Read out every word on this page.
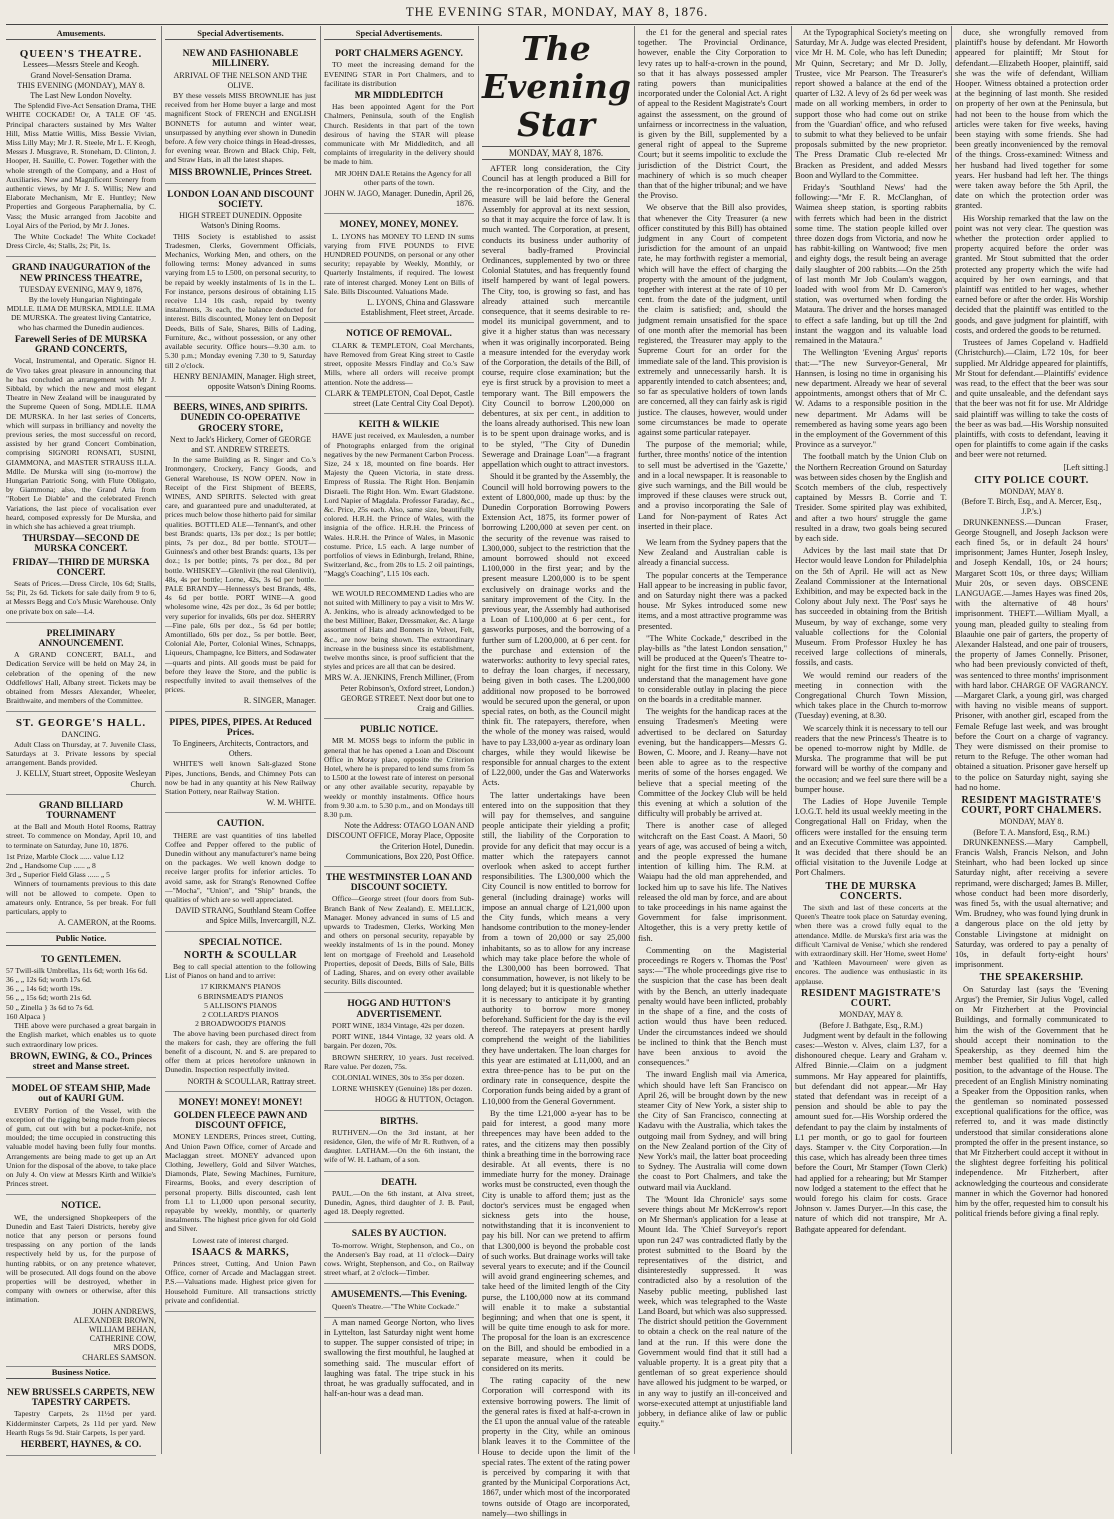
THE EVENING STAR, MONDAY, MAY 8, 1876.
Amusements.
QUEEN'S THEATRE.
Lessees—Messrs Steele and Keogh.
Grand Novel-Sensation Drama.
THIS EVENING (MONDAY), MAY 8.
The Last New London Novelty.

The Splendid Five-Act Sensation Drama, THE WHITE COCKADE! Or, A TALE OF '45. Principal characters sustained by Mrs Walter Hill, Miss Mattie Willis, Miss Bessie Vivian, Miss Lilly May; Mr J. R. Steele, Mr L. F. Keogh, Messrs J. Musgrave, R. Stoneham, D. Clinton, J. Hooper, H. Sauille, C. Power. Together with the whole strength of the Company, and a Host of Auxiliaries. New and Magnificent Scenery from authentic views, by Mr J. S. Willis; New and Elaborate Mechanism, Mr E. Huntley; New Properties and Gorgeous Paraphernalia, by C. Vass; the Music arranged from Jacobite and Loyal Airs of the Period, by Mr J. Jones.

The White Cockade! The White Cockade! Dress Circle, 4s; Stalls, 2s; Pit, 1s.

GRAND INAUGURATION of the NEW PRINCESS THEATRE,
TUESDAY EVENING, MAY 9, 1876,

By the lovely Hungarian Nightingale MDLLE. ILMA DE MURSKA, MDLLE. ILMA DE MURSKA. The greatest living Cantatrice, who has charmed the Dunedin audiences.

Farewell Series of DE MURSKA GRAND CONCERTS,

Vocal, Instrumental, and Operatic. Signor H. de Vivo takes great pleasure in announcing that he has concluded an arrangement with Mr J. Sibbald, by which the new and most elegant Theatre in New Zealand will be inaugurated by the Supreme Queen of Song, MDLLE. ILMA DE MURSKA. In her last series of Concerts, which will surpass in brilliancy and novelty the previous series, the most successful on record, assisted by her grand Concert Combination, comprising SIGNORI RONSATI, SUSINI, GIAMMONA, and MASTER STRAUSS ILLA. Mdlle. De Murska will sing (to-morrow) the Hungarian Patriotic Song, with Flute Obligato, by Giammona; also, the Grand Aria from "Robert Le Diable" and the celebrated French Variations, the last piece of vocalisation ever heard, composed expressly for De Murska, and in which she has achieved a great triumph.

THURSDAY—SECOND DE MURSKA CONCERT.
FRIDAY—THIRD DE MURSKA CONCERT.

Seats of Prices.—Dress Circle, 10s 6d; Stalls, 5s; Pit, 2s 6d. Tickets for sale daily from 9 to 6, at Messrs Begg and Co's Music Warehouse. Only one private box on sale—L4.

PRELIMINARY ANNOUNCEMENT.

A GRAND CONCERT, BALL, and Dedication Service will be held on May 24, in celebration of the opening of the new Oddfellows' Hall, Albany street. Tickets may be obtained from Messrs Alexander, Wheeler, Braithwaite, and members of the Committee.

ST. GEORGE'S HALL.
DANCING.

Adult Class on Thursday, at 7. Juvenile Class, Saturdays at 3. Private lessons by special arrangement. Bands provided.

J. KELLY, Stuart street, Opposite Wesleyan Church.
GRAND BILLIARD TOURNAMENT

at the Ball and Mouth Hotel Rooms, Rattray street. To commence on Monday, April 10, and to terminate on Saturday, June 10, 1876.

1st Prize, Marble Clock ...... value L12
2nd „ Handsome Cup ...... „ 8
3rd „ Superior Field Glass ...... „ 5

Winners of tournaments previous to this date will not be allowed to compete. Open to amateurs only. Entrance, 5s per break. For full particulars, apply to

A. CAMERON, at the Rooms.
Public Notice.
TO GENTLEMEN.
57 Twill-silk Umbrellas, 11s 6d; worth 16s 6d.
36 „ „ 12s 6d; worth 17s 6d.
36 „ „ 14s 6d; worth 19s.
56 „ „ 15s 6d; worth 21s 6d.
50 „ Zinella } 3s 6d to 7s 6d.
160 Alpaca }

THE above were purchased a great bargain in the English market, which enables us to quote such extraordinary low prices.

BROWN, EWING, & CO., Princes street and Manse street.
MODEL OF STEAM SHIP, Made out of KAURI GUM.

EVERY Portion of the Vessel, with the exception of the rigging being made from pieces of gum, cut out with but a pocket-knife, not moulded; the time occupied in constructing this valuable model having been fully four months. Arrangements are being made to get up an Art Union for the disposal of the above, to take place on July 4. On view at Messrs Kirth and Wilkie's Princes street.

NOTICE.

WE, the undersigned Shopkeepers of the Dunedin and East Taieri Districts, hereby give notice that any person or persons found trespassing on any portion of the lands respectively held by us, for the purpose of hunting rabbits, or on any pretence whatever, will be prosecuted. All dogs found on the above properties will be destroyed, whether in company with owners or otherwise, after this intimation.

JOHN ANDREWS,
ALEXANDER BROWN,
WILLIAM BEHAN,
CATHERINE COW,
MRS DODS,
CHARLES SAMSON.
Business Notice.
NEW BRUSSELS CARPETS, NEW TAPESTRY CARPETS.

Tapestry Carpets, 2s 11½d per yard. Kidderminster Carpets, 2s 11d per yard. New Hearth Rugs 5s 9d. Stair Carpets, 1s per yard.

HERBERT, HAYNES, & CO.
Special Advertisements.
NEW AND FASHIONABLE MILLINERY.
ARRIVAL OF THE NELSON AND THE OLIVE.

BY these vessels MISS BROWNLIE has just received from her Home buyer a large and most magnificent Stock of FRENCH and ENGLISH BONNETS for autumn and winter wear, unsurpassed by anything ever shown in Dunedin before. A few very choice things in Head-dresses, for evening wear. Brown and Black Chip, Felt, and Straw Hats, in all the latest shapes.

MISS BROWNLIE, Princes Street.
LONDON LOAN AND DISCOUNT SOCIETY.
HIGH STREET DUNEDIN. Opposite Watson's Dining Rooms.

THIS Society is established to assist Tradesmen, Clerks, Government Officials, Mechanics, Working Men, and others, on the following terms: Money advanced in sums varying from L5 to L500, on personal security, to be repaid by weekly instalments of 1s in the L. For instance, persons desirous of obtaining L15 receive L14 10s cash, repaid by twenty instalments, 3s each, the balance deducted for interest. Bills discounted, Money lent on Deposit Deeds, Bills of Sale, Shares, Bills of Lading, Furniture, &c., without possession, or any other available security. Office hours—9.30 a.m. to 5.30 p.m.; Monday evening 7.30 to 9, Saturday till 2 o'clock.

HENRY BENJAMIN, Manager. High street, opposite Watson's Dining Rooms.
BEERS, WINES, AND SPIRITS. DUNEDIN CO-OPERATIVE GROCERY STORE,
Next to Jack's Hickery, Corner of GEORGE and ST. ANDREW STREETS.

In the same Building as R. Singer and Co.'s Ironmongery, Crockery, Fancy Goods, and General Warehouse, IS NOW OPEN. Now in Receipt of the First Shipment of BEERS, WINES, AND SPIRITS. Selected with great care, and guaranteed pure and unadulterated, at prices much below those hitherto paid for similar qualities. BOTTLED ALE—Tennant's, and other best Brands: quarts, 13s per doz.; 1s per bottle; pints, 7s per doz., 8d per bottle. STOUT—Guinness's and other best Brands: quarts, 13s per doz.; 1s per bottle; pints, 7s per doz., 8d per bottle. WHISKEY—Glenlivit (the real Glenlivit), 48s, 4s per bottle; Lorne, 42s, 3s 6d per bottle. PALE BRANDY—Hennessy's best Brands, 48s, 4s 6d per bottle. PORT WINE—A good wholesome wine, 42s per doz., 3s 6d per bottle; very superior for invalids, 60s per doz. SHERRY—Fine pale, 60s per doz., 5s 6d per bottle; Amontillado, 60s per doz., 5s per bottle. Beer, Colonial Ale, Porter, Colonial Wines, Schnapps, Liqueurs, Champagne, Ice Bitters, and Sodawater—quarts and pints. All goods must be paid for before they leave the Store, and the public is respectfully invited to avail themselves of the prices.

R. SINGER, Manager.
PIPES, PIPES, PIPES. At Reduced Prices.
To Engineers, Architects, Contractors, and Others.

WHITE'S well known Salt-glazed Stone Pipes, Junctions, Bends, and Chimney Pots can now be had in any quantity at his New Railway Station Pottery, near Railway Station.

W. M. WHITE.
CAUTION.

THERE are vast quantities of tins labelled Coffee and Pepper offered to the public of Dunedin without any manufacturer's name being on the packages. We well known dodge to receive larger profits for inferior articles. To avoid same, ask for Strang's Renowned Coffee—"Mocha", "Union", and "Ship" brands, the qualities of which are so well appreciated.

DAVID STRANG, Southland Steam Coffee and Spice Mills, Invercargill, N.Z.
SPECIAL NOTICE.
NORTH & SCOULLAR

Beg to call special attention to the following List of Pianos on hand and to arrive:

17 KIRKMAN'S PIANOS
6 BRINSMEAD'S PIANOS
5 ALLISON'S PIANOS
2 COLLARD'S PIANOS
2 BROADWOOD'S PIANOS

The above having been purchased direct from the makers for cash, they are offering the full benefit of a discount, N. and S. are prepared to offer them at prices heretofore unknown in Dunedin. Inspection respectfully invited.

NORTH & SCOULLAR, Rattray street.
MONEY! MONEY! MONEY!
GOLDEN FLEECE PAWN AND DISCOUNT OFFICE,

MONEY LENDERS, Princes street, Cutting, And Union Pawn Office, corner of Arcade and Maclaggan street. MONEY advanced upon Clothing, Jewellery, Gold and Silver Watches, Diamonds, Plate, Sewing Machines, Furniture, Firearms, Books, and every description of personal property. Bills discounted, cash lent from L1 to L1,000 upon personal security, repayable by weekly, monthly, or quarterly instalments. The highest price given for old Gold and Silver.

Lowest rate of interest charged.
ISAACS & MARKS,

Princes street, Cutting, And Union Pawn Office, corner of Arcade and Maclaggan street. P.S.—Valuations made. Highest price given for Household Furniture. All transactions strictly private and confidential.

Special Advertisements.
PORT CHALMERS AGENCY.

TO meet the increasing demand for the EVENING STAR in Port Chalmers, and to facilitate its distribution

MR MIDDLEDITCH

Has been appointed Agent for the Port Chalmers, Peninsula, south of the English Church. Residents in that part of the town desirous of having the STAR will please communicate with Mr Middleditch, and all complaints of irregularity in the delivery should be made to him.

MR JOHN DALE Retains the Agency for all other parts of the town.

JOHN W. JAGO, Manager. Dunedin, April 26, 1876.
MONEY, MONEY, MONEY.

L. LYONS has MONEY TO LEND IN sums varying from FIVE POUNDS to FIVE HUNDRED POUNDS, on personal or any other security; repayable by Weekly, Monthly, or Quarterly Instalments, if required. The lowest rate of interest charged. Money Lent on Bills of Sale. Bills Discounted. Valuations Made.

L. LYONS, China and Glassware Establishment, Fleet street, Arcade.
NOTICE OF REMOVAL.

CLARK & TEMPLETON, Coal Merchants, have Removed from Great King street to Castle street, opposite Messrs Findlay and Co.'s Saw Mills, where all orders will receive prompt attention. Note the address—

CLARK & TEMPLETON, Coal Depot, Castle street (Late Central City Coal Depot).
KEITH & WILKIE

HAVE just received, ex Maulesden, a number of Photographs enlarged from the original negatives by the new Permanent Carbon Process. Size, 24 x 18, mounted on fine boards. Her Majesty the Queen Victoria, in state dress. Empress of Russia. The Right Hon. Benjamin Disraeli. The Right Hon. Wm. Ewart Gladstone. Lord Napier of Magdala. Professor Faraday, &c., &c. Price, 25s each. Also, same size, beautifully colored. H.R.H. the Prince of Wales, with the insignia of the office. H.R.H. the Princess of Wales. H.R.H. the Prince of Wales, in Masonic costume. Price, L5 each. A large number of portfolios of views in Edinburgh, Ireland, Rhine, Switzerland, &c., from 20s to L5. 2 oil paintings, "Magg's Coaching", L15 10s each.

WE WOULD RECOMMEND Ladies who are not suited with Millinery to pay a visit to Mrs W. A. Jenkins, who is already acknowledged to be the best Milliner, Baker, Dressmaker, &c. A large assortment of Hats and Bonnets in Velvet, Felt, &c., are now being shown. The extraordinary increase in the business since its establishment, twelve months since, is proof sufficient that the styles and prices are all that can be desired.

MRS W. A. JENKINS, French Milliner, (From Peter Robinson's, Oxford street, London.) GEORGE STREET. Next door but one to Craig and Gillies.
PUBLIC NOTICE.

MR M. MOSS begs to inform the public in general that he has opened a Loan and Discount Office in Moray place, opposite the Criterion Hotel, where he is prepared to lend sums from 5s to L500 at the lowest rate of interest on personal or any other available security, repayable by weekly or monthly instalments. Office hours from 9.30 a.m. to 5.30 p.m., and on Mondays till 8.30 p.m.

Note the Address: OTAGO LOAN AND DISCOUNT OFFICE, Moray Place, Opposite the Criterion Hotel, Dunedin. Communications, Box 220, Post Office.
THE WESTMINSTER LOAN AND DISCOUNT SOCIETY.

Office—George street (four doors from Sub-Branch Bank of New Zealand). E. MELLICK, Manager. Money advanced in sums of L5 and upwards to Tradesmen, Clerks, Working Men and others on personal security, repayable by weekly instalments of 1s in the pound. Money lent on mortgage of Freehold and Leasehold Properties, deposit of Deeds, Bills of Sale, Bills of Lading, Shares, and on every other available security. Bills discounted.

HOGG AND HUTTON'S ADVERTISEMENT.

PORT WINE, 1834 Vintage, 42s per dozen.

PORT WINE, 1844 Vintage, 32 years old. A bargain. Per dozen, 70s.

BROWN SHERRY, 10 years. Just received. Rare value. Per dozen, 75s.

COLONIAL WINES, 30s to 35s per dozen.

LORNE WHISKEY (Genuine) 18s per dozen.

HOGG & HUTTON, Octagon.
BIRTHS.

RUTHVEN.—On the 3rd instant, at her residence, Glen, the wife of Mr R. Ruthven, of a daughter. LATHAM.—On the 6th instant, the wife of W. H. Latham, of a son.

DEATH.

PAUL.—On the 6th instant, at Alva street, Dunedin, Agnes, third daughter of J. B. Paul, aged 18. Deeply regretted.

SALES BY AUCTION.

To-morrow. Wright, Stephenson, and Co., on the Andersen's Bay road, at 11 o'clock—Dairy cows. Wright, Stephenson, and Co., on Railway street wharf, at 2 o'clock—Timber.

AMUSEMENTS.—This Evening.

Queen's Theatre.—"The White Cockade."

A man named George Norton, who lives in Lyttelton, last Saturday night went home to supper. The supper consisted of tripe; in swallowing the first mouthful, he laughed at something said. The muscular effort of laughing was fatal. The tripe stuck in his throat, he was gradually suffocated, and in half-an-hour was a dead man.

The Evening Star
MONDAY, MAY 8, 1876.

AFTER long consideration, the City Council has at length produced a Bill for the re-incorporation of the City, and the measure will be laid before the General Assembly for approval at its next session, so that it may acquire the force of law. It is much wanted. The Corporation, at present, conducts its business under authority of several badly-framed Provincial Ordinances, supplemented by two or three Colonial Statutes, and has frequently found itself hampered by want of legal powers. The City, too, is growing so fast, and has already attained such mercantile consequence, that it seems desirable to re-model its municipal government, and to give it a higher status than was necessary when it was originally incorporated. Being a measure intended for the everyday work of the Corporation, the details of the Bill, of course, require close examination; but the eye is first struck by a provision to meet a temporary want. The Bill empowers the City Council to borrow L200,000 on debentures, at six per cent., in addition to the loans already authorised. This new loan is to be spent upon drainage works, and is to be styled, "The City of Dunedin Sewerage and Drainage Loan"—a fragrant appellation which ought to attract investors.

Should it be granted by the Assembly, the Council will hold borrowing powers to the extent of L800,000, made up thus: by the Dunedin Corporation Borrowing Powers Extension Act, 1875, its former power of borrowing L200,000 at seven per cent. on the security of the revenue was raised to L300,000, subject to the restriction that the amount borrowed should not exceed L100,000 in the first year; and by the present measure L200,000 is to be spent exclusively on drainage works and the sanitary improvement of the City. In the previous year, the Assembly had authorised a Loan of L100,000 at 6 per cent., for gasworks purposes, and the borrowing of a further sum of L200,000, at 6 per cent. for the purchase and extension of the waterworks: authority to levy special rates, to defray the loan charges, if necessary, being given in both cases. The L200,000 additional now proposed to be borrowed would be secured upon the general, or upon special rates, on both, as the Council might think fit. The ratepayers, therefore, when the whole of the money was raised, would have to pay L33,000 a-year as ordinary loan charges, while they would likewise be responsible for annual charges to the extent of L22,000, under the Gas and Waterworks Acts.

The latter undertakings have been entered into on the supposition that they will pay for themselves, and sanguine people anticipate their yielding a profit; still, the liability of the Corporation to provide for any deficit that may occur is a matter which the ratepayers cannot overlook when asked to accept further responsibilities. The L300,000 which the City Council is now entitled to borrow for general (including drainage) works will impose an annual charge of L21,000 upon the City funds, which means a very handsome contribution to the money-lender from a town of 20,000 or say 25,000 inhabitants, so as to allow for any increase which may take place before the whole of the L300,000 has been borrowed. That consummation, however, is not likely to be long delayed; but it is questionable whether it is necessary to anticipate it by granting authority to borrow more money beforehand. Sufficient for the day is the evil thereof. The ratepayers at present hardly comprehend the weight of the liabilities they have undertaken. The loan charges for this year are estimated at L11,000, and an extra three-pence has to be put on the ordinary rate in consequence, despite the Corporation funds being aided by a grant of L10,000 from the General Government.

By the time L21,000 a-year has to be paid for interest, a good many more threepences may have been added to the rates, and the citizens may then possibly think a breathing time in the borrowing race desirable. At all events, there is no immediate hurry for the money. Drainage works must be constructed, even though the City is unable to afford them; just as the doctor's services must be engaged when sickness gets into the house, notwithstanding that it is inconvenient to pay his bill. Nor can we pretend to affirm that L300,000 is beyond the probable cost of such works. But drainage works will take several years to execute; and if the Council will avoid grand engineering schemes, and take heed of the limited length of the City purse, the L100,000 now at its command will enable it to make a substantial beginning; and when that one is spent, it will be quite time enough to ask for more. The proposal for the loan is an excrescence on the Bill, and should be embodied in a separate measure, when it could be considered on its merits.

The rating capacity of the new Corporation will correspond with its extensive borrowing powers. The limit of the general rates is fixed at half-a-crown in the £1 upon the annual value of the rateable property in the City, while an ominous blank leaves it to the Committee of the House to decide upon the limit of the special rates. The extent of the rating power is perceived by comparing it with that granted by the Municipal Corporations Act, 1867, under which most of the incorporated towns outside of Otago are incorporated, namely—two shillings in

the £1 for the general and special rates together. The Provincial Ordinance, however, enable the City Corporation to levy rates up to half-a-crown in the pound, so that it has always possessed ampler rating powers than municipalities incorporated under the Colonial Act. A right of appeal to the Resident Magistrate's Court against the assessment, on the ground of unfairness or incorrectness in the valuation, is given by the Bill, supplemented by a general right of appeal to the Supreme Court; but it seems impolitic to exclude the jurisdiction of the District Court, the machinery of which is so much cheaper than that of the higher tribunal; and we have the Proviso.

We observe that the Bill also provides, that whenever the City Treasurer (a new officer constituted by this Bill) has obtained judgment in any Court of competent jurisdiction for the amount of an unpaid rate, he may forthwith register a memorial, which will have the effect of charging the property with the amount of the judgment, together with interest at the rate of 10 per cent. from the date of the judgment, until the claim is satisfied; and, should the judgment remain unsatisfied for the space of one month after the memorial has been registered, the Treasurer may apply to the Supreme Court for an order for the immediate sale of the land. This provision is extremely and unnecessarily harsh. It is apparently intended to catch absentees; and, so far as speculative holders of town lands are concerned, all they can fairly ask is rigid justice. The clauses, however, would under some circumstances be made to operate against some particular ratepayer.

The purpose of the memorial; while, further, three months' notice of the intention to sell must be advertised in the 'Gazette,' and in a local newspaper. It is reasonable to give such warnings, and the Bill would be improved if these clauses were struck out, and a proviso incorporating the Sale of Land for Non-payment of Rates Act inserted in their place.

We learn from the Sydney papers that the New Zealand and Australian cable is already a financial success.

The popular concerts at the Temperance Hall appear to be increasing in public favor, and on Saturday night there was a packed house. Mr Sykes introduced some new items, and a most attractive programme was presented.

"The White Cockade," described in the play-bills as "the latest London sensation," will be produced at the Queen's Theatre to-night for the first time in this Colony. We understand that the management have gone to considerable outlay in placing the piece on the boards in a creditable manner.

The weights for the handicap races at the ensuing Tradesmen's Meeting were advertised to be declared on Saturday evening, but the handicappers—Messrs G. Bowen, C. Moore, and J. Reany—have not been able to agree as to the respective merits of some of the horses engaged. We believe that a special meeting of the Committee of the Jockey Club will be held this evening at which a solution of the difficulty will probably be arrived at.

There is another case of alleged witchcraft on the East Coast. A Maori, 50 years of age, was accused of being a witch, and the people expressed the humane intention of killing him. The R.M. at Waiapu had the old man apprehended, and locked him up to save his life. The Natives released the old man by force, and are about to take proceedings in his name against the Government for false imprisonment. Altogether, this is a very pretty kettle of fish.

Commenting on the Magisterial proceedings re Rogers v. Thomas the 'Post' says:—"The whole proceedings give rise to the suspicion that the case has been dealt with by the Bench, an utterly inadequate penalty would have been inflicted, probably in the shape of a fine, and the costs of action would thus have been reduced. Under the circumstances indeed we should be inclined to think that the Bench must have been anxious to avoid the consequences."

The inward English mail via America, which should have left San Francisco on April 26, will be brought down by the new steamer City of New York, a sister ship to the City of San Francisco, connecting at Kadavu with the Australia, which takes the outgoing mail from Sydney, and will bring on the New Zealand portion of the City of New York's mail, the latter boat proceeding to Sydney. The Australia will come down the coast to Port Chalmers, and take the outward mail via Auckland.

The 'Mount Ida Chronicle' says some severe things about Mr McKerrow's report on Mr Sherman's application for a lease at Mount Ida. The 'Chief Surveyor's report upon run 247 was contradicted flatly by the protest submitted to the Board by the representatives of the district, and disinterestedly suppressed. It was contradicted also by a resolution of the Naseby public meeting, published last week, which was telegraphed to the Waste Land Board, but which was also suppressed. The district should petition the Government to obtain a check on the real nature of the land at the run. If this were done the Government would find that it still had a valuable property. It is a great pity that a gentleman of so great experience should have allowed his judgment to be warped, or in any way to justify an ill-conceived and worse-executed attempt at unjustifiable land jobbery, in defiance alike of law or public equity."

At the Typographical Society's meeting on Saturday, Mr A. Judge was elected President, vice Mr H. M. Cole, who has left Dunedin; Mr Quinn, Secretary; and Mr D. Jolly, Trustee, vice Mr Pearson. The Treasurer's report showed a balance at the end of the quarter of L32. A levy of 2s 6d per week was made on all working members, in order to support those who had come out on strike from the 'Guardian' office, and who refused to submit to what they believed to be unfair proposals submitted by the new proprietor. The Press Dramatic Club re-elected Mr Bracken as President, and added Messrs Boon and Wyllard to the Committee.

Friday's 'Southland News' had the following:—"Mr F. R. McClanghan, of Waimea sheep station, is sporting rabbits with ferrets which had been in the district some time. The station people killed over three dozen dogs from Victoria, and now he has rabbit-killing on Wantwood; five men and eighty dogs, the result being an average daily slaughter of 200 rabbits.—On the 25th of last month Mr Job Coulam's waggon, loaded with wool from Mr D. Cameron's station, was overturned when fording the Mataura. The driver and the horses managed to effect a safe landing, but up till the 2nd instant the waggon and its valuable load remained in the Mataura."

The Wellington 'Evening Argus' reports that:—"The new Surveyor-General, Mr Hannsen, is losing no time in organising his new department. Already we hear of several appointments, amongst others that of Mr C. W. Adams to a responsible position in the new department. Mr Adams will be remembered as having some years ago been in the employment of the Government of this Province as a surveyor."

The football match by the Union Club on the Northern Recreation Ground on Saturday was between sides chosen by the English and Scotch members of the club, respectively captained by Messrs B. Corrie and T. Tresider. Some spirited play was exhibited, and after a two hours' struggle the game resulted in a draw, two goals being secured by each side.

Advices by the last mail state that Dr Hector would leave London for Philadelphia on the 5th of April. He will act as New Zealand Commissioner at the International Exhibition, and may be expected back in the Colony about July next. The 'Post' says he has succeeded in obtaining from the British Museum, by way of exchange, some very valuable collections for the Colonial Museum. From Professor Huxley he has received large collections of minerals, fossils, and casts.

We would remind our readers of the meeting in connection with the Congregational Church Town Mission, which takes place in the Church to-morrow (Tuesday) evening, at 8.30.

We scarcely think it is necessary to tell our readers that the new Princess's Theatre is to be opened to-morrow night by Mdlle. de Murska. The programme that will be put forward will be worthy of the company and the occasion; and we feel sure there will be a bumper house.

The Ladies of Hope Juvenile Temple I.O.G.T. held its usual weekly meeting in the Congregational Hall on Friday, when the officers were installed for the ensuing term and an Executive Committee was appointed. It was decided that there should be an official visitation to the Juvenile Lodge at Port Chalmers.

THE DE MURSKA CONCERTS.

The sixth and last of these concerts at the Queen's Theatre took place on Saturday evening, when there was a crowd fully equal to the attendance. Mdlle. de Murska's first aria was the difficult 'Carnival de Venise,' which she rendered with extraordinary skill. Her 'Home, sweet Home' and 'Kathleen Mavourneen' were given as encores. The audience was enthusiastic in its applause.

RESIDENT MAGISTRATE'S COURT.
MONDAY, MAY 8.
(Before J. Bathgate, Esq., R.M.)

Judgment went by default in the following cases:—Weston v. Alves, claim L37, for a dishonoured cheque. Leary and Graham v. Alfred Binnie.—Claim on a judgment summons. Mr Hay appeared for plaintiffs, but defendant did not appear.—Mr Hay stated that defendant was in receipt of a pension and should be able to pay the amount sued for.—His Worship ordered the defendant to pay the claim by instalments of L1 per month, or go to gaol for fourteen days. Stamper v. the City Corporation.—In this case, which has already been three times before the Court, Mr Stamper (Town Clerk) had applied for a rehearing; but Mr Stamper now lodged a statement to the effect that he would forego his claim for costs. Grace Johnson v. James Duryer.—In this case, the nature of which did not transpire, Mr A. Bathgate appeared for defendant.

duce, she wrongfully removed from plaintiff's house by defendant. Mr Howorth appeared for plaintiff; Mr Stout for defendant.—Elizabeth Hooper, plaintiff, said she was the wife of defendant, William Hooper. Witness obtained a protection order at the beginning of last month. She resided on property of her own at the Peninsula, but had not been to the house from which the articles were taken for five weeks, having been staying with some friends. She had been greatly inconvenienced by the removal of the things. Cross-examined: Witness and her husband had lived together for some years. Her husband had left her. The things were taken away before the 5th April, the date on which the protection order was granted.

His Worship remarked that the law on the point was not very clear. The question was whether the protection order applied to property acquired before the order was granted. Mr Stout submitted that the order protected any property which the wife had acquired by her own earnings, and that plaintiff was entitled to her wages, whether earned before or after the order. His Worship decided that the plaintiff was entitled to the goods, and gave judgment for plaintiff, with costs, and ordered the goods to be returned.

Trustees of James Copeland v. Hadfield (Christchurch).—Claim, L72 10s, for beer supplied. Mr Aldridge appeared for plaintiffs, Mr Stout for defendant.—Plaintiffs' evidence was read, to the effect that the beer was sour and quite unsaleable, and the defendant says that the beer was not fit for use. Mr Aldridge said plaintiff was willing to take the costs of the beer as was bad.—His Worship nonsuited plaintiffs, with costs to defendant, leaving it open for plaintiffs to come again if the casks and beer were not returned.

[Left sitting.]
CITY POLICE COURT.
MONDAY, MAY 8.
(Before T. Birch, Esq., and A. Mercer, Esq., J.P.'s.)

DRUNKENNESS.—Duncan Fraser, George Stougnell, and Joseph Jackson were each fined 5s, or in default 24 hours' imprisonment; James Hunter, Joseph Insley, and Joseph Kendall, 10s, or 24 hours; Margaret Scott 10s, or three days; William Muir 20s, or seven days. OBSCENE LANGUAGE.—James Hayes was fined 20s, with the alternative of 48 hours' imprisonment. THEFT.—William Myall, a young man, pleaded guilty to stealing from Blaauhie one pair of garters, the property of Alexander Halstead, and one pair of trousers, the property of James Connelly. Prisoner, who had been previously convicted of theft, was sentenced to three months' imprisonment with hard labor. CHARGE OF VAGRANCY.—Margaret Clark, a young girl, was charged with having no visible means of support. Prisoner, with another girl, escaped from the Female Refuge last week, and was brought before the Court on a charge of vagrancy. They were dismissed on their promise to return to the Refuge. The other woman had obtained a situation. Prisoner gave herself up to the police on Saturday night, saying she had no home.

RESIDENT MAGISTRATE'S COURT, PORT CHALMERS.
MONDAY, MAY 8.
(Before T. A. Mansford, Esq., R.M.)

DRUNKENNESS.—Mary Campbell, Francis Walsh, Francis Nelson, and John Steinhart, who had been locked up since Saturday night, after receiving a severe reprimand, were discharged; James B. Miller, whose conduct had been more disorderly, was fined 5s, with the usual alternative; and Wm. Brudney, who was found lying drunk in a dangerous place on the old jetty by Constable Livingstone at midnight on Saturday, was ordered to pay a penalty of 10s, in default forty-eight hours' imprisonment.

THE SPEAKERSHIP.

On Saturday last (says the 'Evening Argus') the Premier, Sir Julius Vogel, called on Mr Fitzherbert at the Provincial Buildings, and formally communicated to him the wish of the Government that he should accept their nomination to the Speakership, as they deemed him the member best qualified to fill that high position, to the advantage of the House. The precedent of an English Ministry nominating a Speaker from the Opposition ranks, when the gentleman so nominated possessed exceptional qualifications for the office, was referred to, and it was made distinctly understood that similar considerations alone prompted the offer in the present instance, so that Mr Fitzherbert could accept it without in the slightest degree forfeiting his political independence. Mr Fitzherbert, after acknowledging the courteous and considerate manner in which the Governor had honored him by the offer, requested him to consult his political friends before giving a final reply.
